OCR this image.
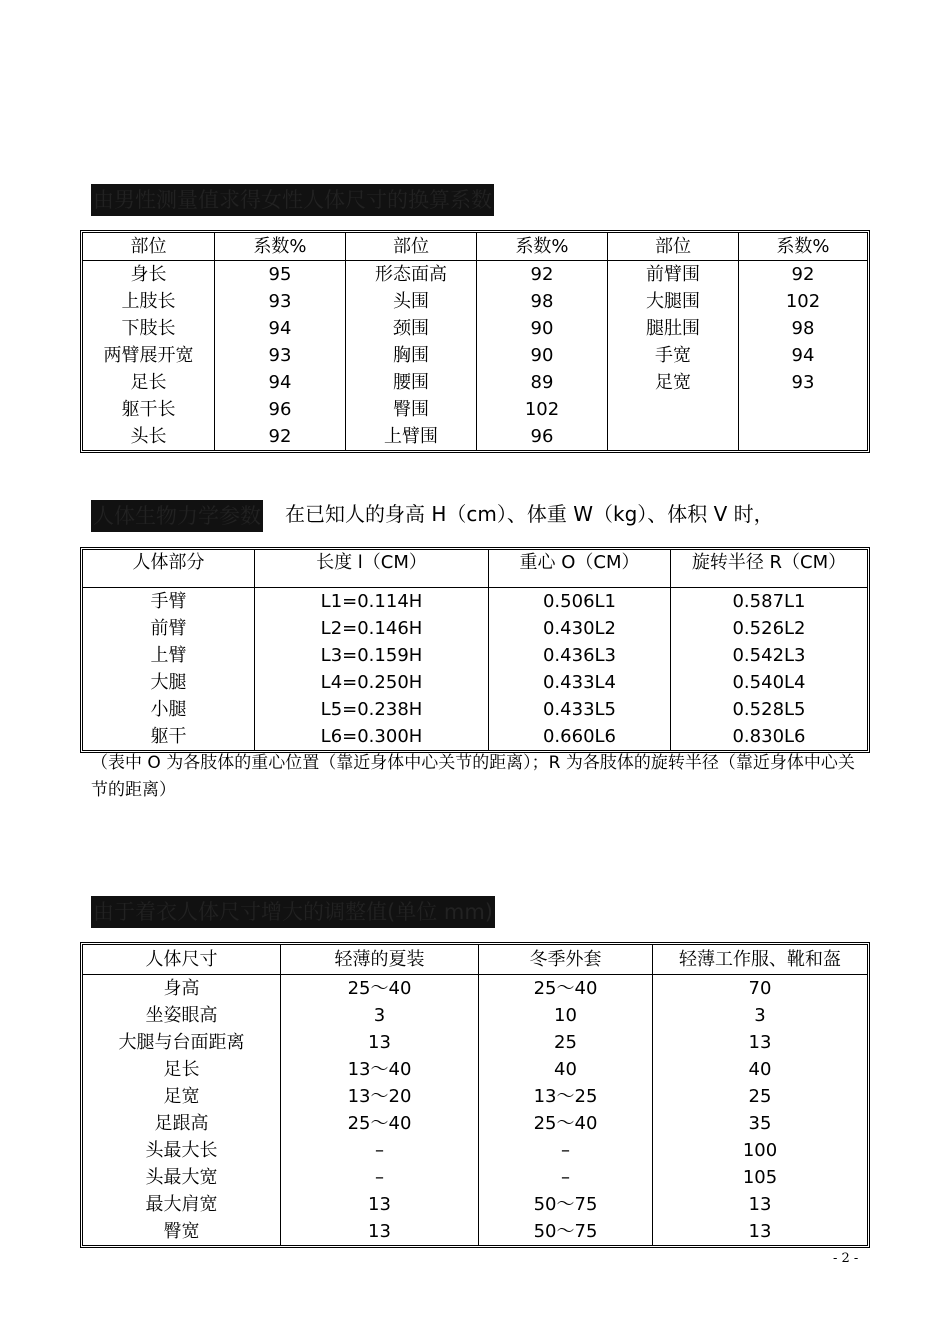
由男性测量值求得女性人体尺寸的换算系数
部位	系数%	部位	系数%	部位	系数%
身长	95	形态面高	92	前臂围	92
上肢长	93	头围	98	大腿围	102
下肢长	94	颈围	90	腿肚围	98
两臂展开宽	93	胸围	90	手宽	94
足长	94	腰围	89	足宽	93
躯干长	96	臀围	102		
头长	92	上臂围	96		
人体生物力学参数 在已知人的身高 H（cm）、体重 W（kg）、体积 V 时，
人体部分	长度 l（CM）	重心 O（CM）	旋转半径 R（CM）
手臂	L1=0.114H	0.506L1	0.587L1
前臂	L2=0.146H	0.430L2	0.526L2
上臂	L3=0.159H	0.436L3	0.542L3
大腿	L4=0.250H	0.433L4	0.540L4
小腿	L5=0.238H	0.433L5	0.528L5
躯干	L6=0.300H	0.660L6	0.830L6
（表中 O 为各肢体的重心位置（靠近身体中心关节的距离）；R 为各肢体的旋转半径（靠近身体中心关节的距离）
由于着衣人体尺寸增大的调整值(单位 mm)
人体尺寸	轻薄的夏装	冬季外套	轻薄工作服、靴和盔
身高	25～40	25～40	70
坐姿眼高	3	10	3
大腿与台面距离	13	25	13
足长	13～40	40	40
足宽	13～20	13～25	25
足跟高	25～40	25～40	35
头最大长	–	–	100
头最大宽	–	–	105
最大肩宽	13	50～75	13
臀宽	13	50～75	13
- 2 -
